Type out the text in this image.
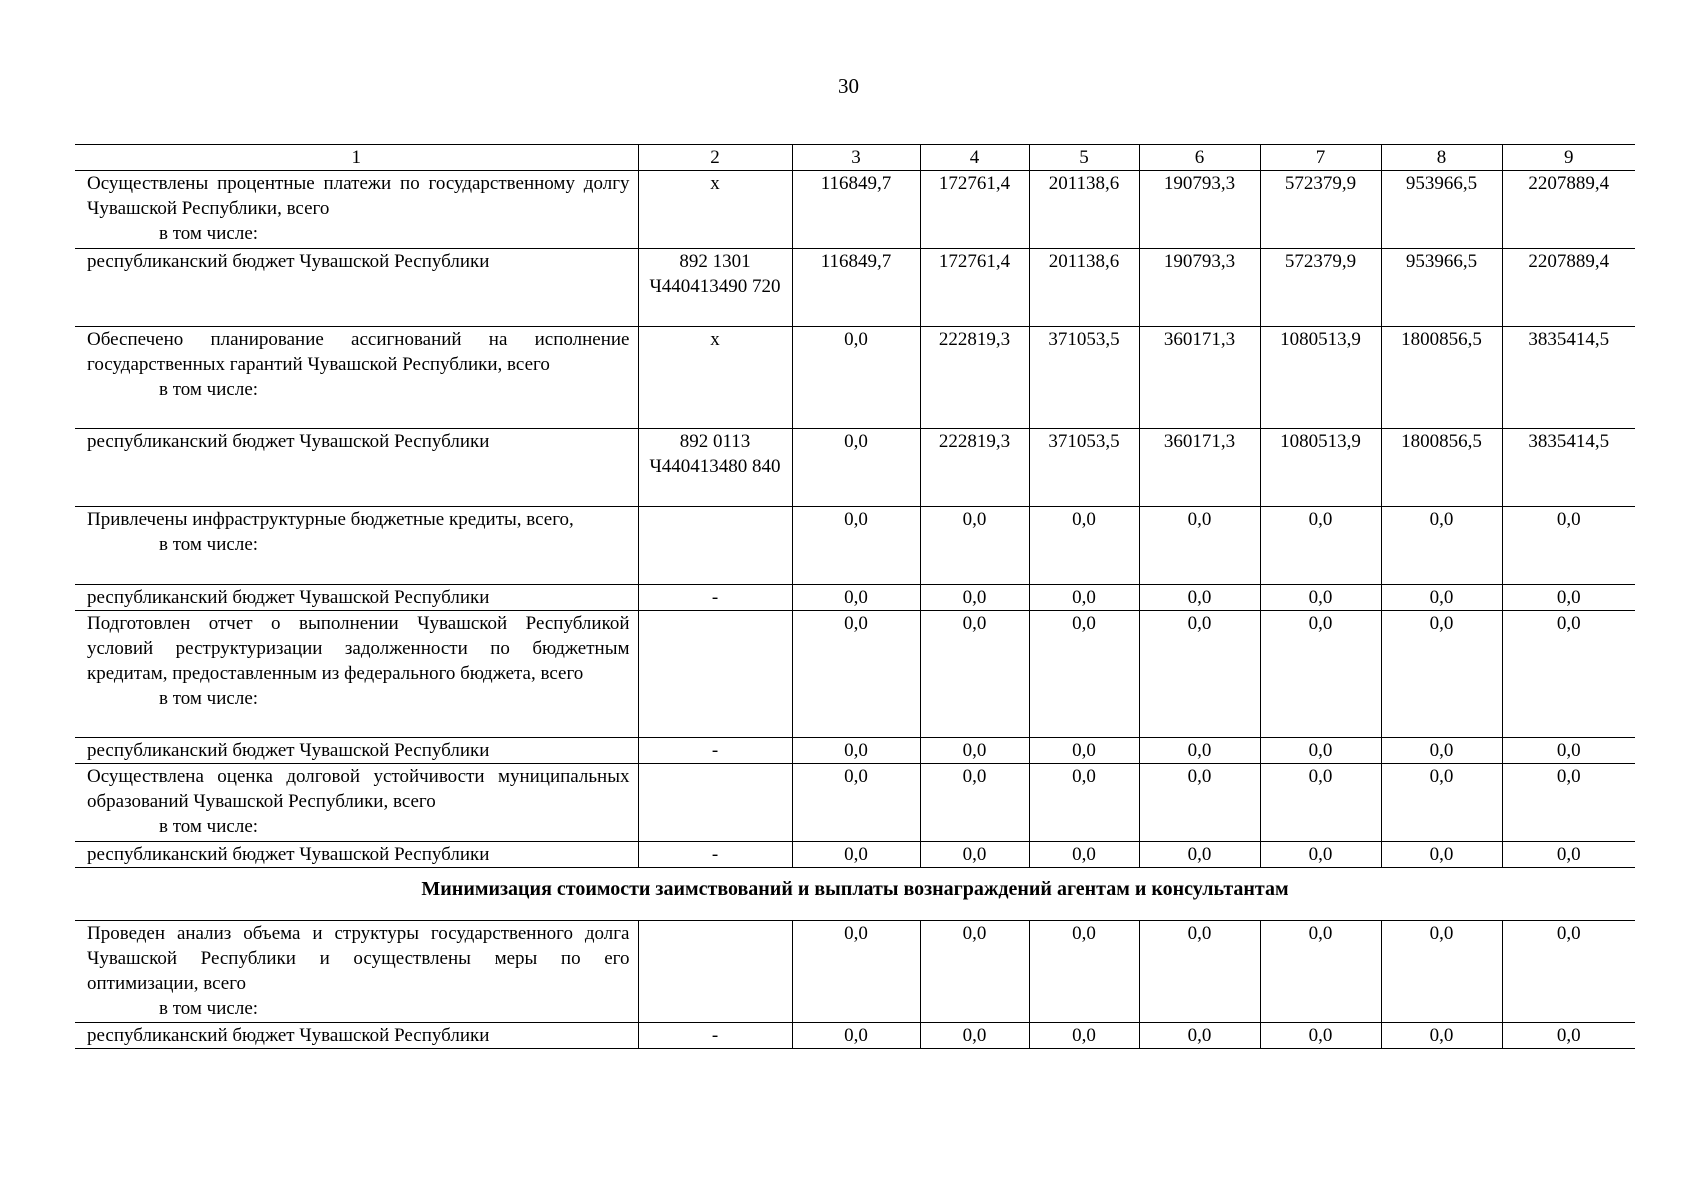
30
1	2	3	4	5	6	7	8	9
Осуществлены процентные платежи по государственному долгу Чувашской Республики, всего
в том числе:	х	116849,7	172761,4	201138,6	190793,3	572379,9	953966,5	2207889,4
республиканский бюджет Чувашской Республики	892 1301 Ч440413490 720	116849,7	172761,4	201138,6	190793,3	572379,9	953966,5	2207889,4
Обеспечено планирование ассигнований на исполнение государственных гарантий Чувашской Республики, всего
в том числе:	х	0,0	222819,3	371053,5	360171,3	1080513,9	1800856,5	3835414,5
республиканский бюджет Чувашской Республики	892 0113 Ч440413480 840	0,0	222819,3	371053,5	360171,3	1080513,9	1800856,5	3835414,5
Привлечены инфраструктурные бюджетные кредиты, всего,
в том числе:		0,0	0,0	0,0	0,0	0,0	0,0	0,0
республиканский бюджет Чувашской Республики	-	0,0	0,0	0,0	0,0	0,0	0,0	0,0
Подготовлен отчет о выполнении Чувашской Республикой условий реструктуризации задолженности по бюджетным кредитам, предоставленным из федерального бюджета, всего
в том числе:		0,0	0,0	0,0	0,0	0,0	0,0	0,0
республиканский бюджет Чувашской Республики	-	0,0	0,0	0,0	0,0	0,0	0,0	0,0
Осуществлена оценка долговой устойчивости муниципальных образований Чувашской Республики, всего
в том числе:		0,0	0,0	0,0	0,0	0,0	0,0	0,0
республиканский бюджет Чувашской Республики	-	0,0	0,0	0,0	0,0	0,0	0,0	0,0
Минимизация стоимости заимствований и выплаты вознаграждений агентам и консультантам
Проведен анализ объема и структуры государственного долга Чувашской Республики и осуществлены меры по его оптимизации, всего
в том числе:		0,0	0,0	0,0	0,0	0,0	0,0	0,0
республиканский бюджет Чувашской Республики	-	0,0	0,0	0,0	0,0	0,0	0,0	0,0
